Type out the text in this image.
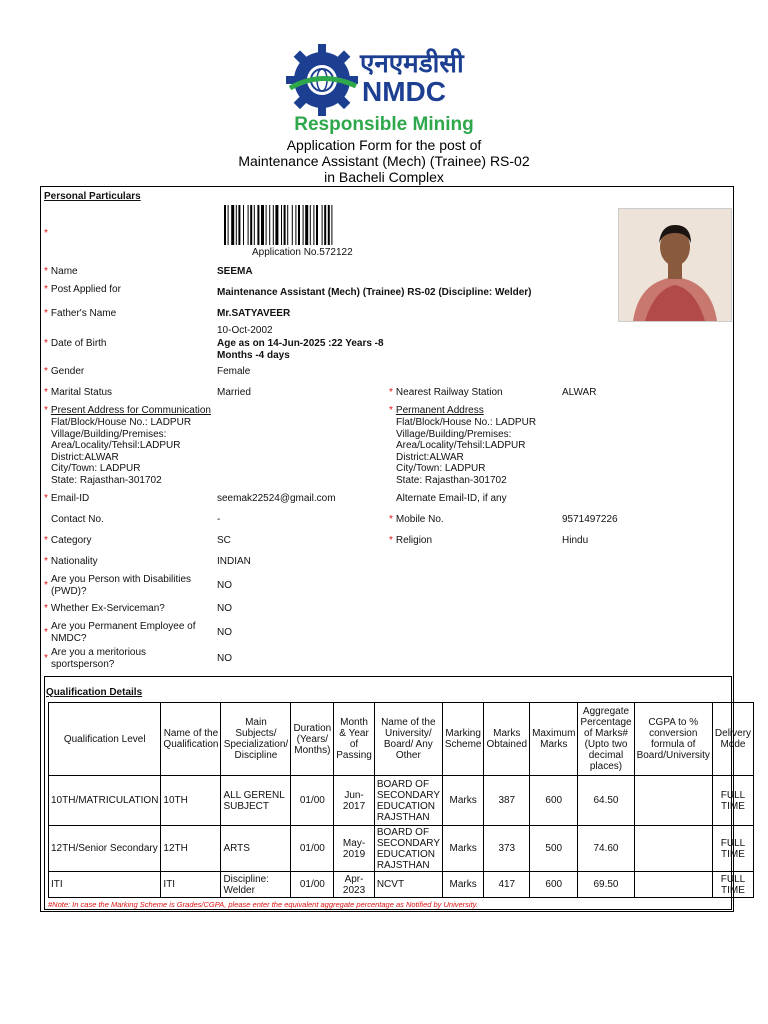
एनएमडीसी
NMDC
Responsible Mining
Application Form for the post of
Maintenance Assistant (Mech) (Trainee) RS-02
in Bacheli Complex
Personal Particulars
*
Application No.572122
* Name	SEEMA
* Post Applied for	Maintenance Assistant (Mech) (Trainee) RS-02 (Discipline: Welder)
* Father's Name	Mr.SATYAVEER
* Date of Birth
10-Oct-2002
Age as on 14-Jun-2025 :22 Years -8 Months -4 days
* Gender	Female
* Marital Status	Married	* Nearest Railway Station	ALWAR
* Present Address for Communication
Flat/Block/House No.: LADPUR
Village/Building/Premises:
Area/Locality/Tehsil:LADPUR
District:ALWAR
City/Town: LADPUR
State: Rajasthan-301702
* Permanent Address
Flat/Block/House No.: LADPUR
Village/Building/Premises:
Area/Locality/Tehsil:LADPUR
District:ALWAR
City/Town: LADPUR
State: Rajasthan-301702
* Email-ID	seemak22524@gmail.com	Alternate Email-ID, if any
Contact No.	-	* Mobile No.	9571497226
* Category	SC	* Religion	Hindu
* Nationality	INDIAN
*
Are you Person with Disabilities (PWD)?
NO
* Whether Ex-Serviceman?	NO
*
Are you Permanent Employee of NMDC?
NO
*
Are you a meritorious sportsperson?
NO
Qualification Details
Qualification Level	Name of the Qualification	Main Subjects/ Specialization/ Discipline	Duration (Years/ Months)	Month & Year of Passing	Name of the University/ Board/ Any Other	Marking Scheme	Marks Obtained	Maximum Marks	Aggregate Percentage of Marks# (Upto two decimal places)	CGPA to % conversion formula of Board/University	Delivery Mode
10TH/MATRICULATION	10TH	ALL GERENL SUBJECT	01/00	Jun-2017	BOARD OF SECONDARY EDUCATION RAJSTHAN	Marks	387	600	64.50		FULL TIME
12TH/Senior Secondary	12TH	ARTS	01/00	May-2019	BOARD OF SECONDARY EDUCATION RAJSTHAN	Marks	373	500	74.60		FULL TIME
ITI	ITI	Discipline: Welder	01/00	Apr-2023	NCVT	Marks	417	600	69.50		FULL TIME
#Note: In case the Marking Scheme is Grades/CGPA, please enter the equivalent aggregate percentage as Notified by University.
